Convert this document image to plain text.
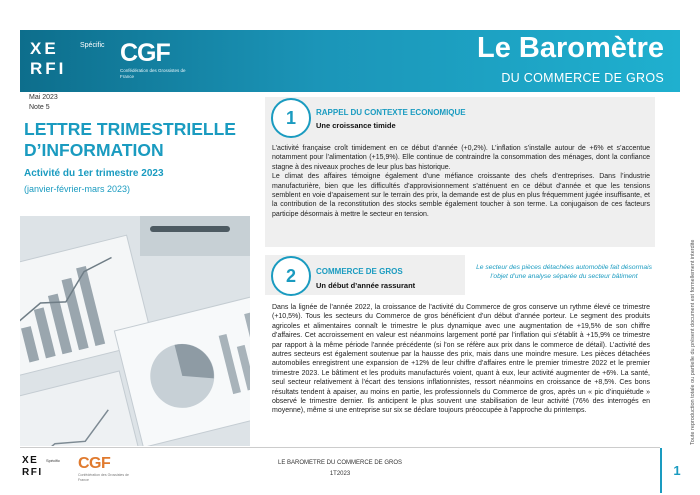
XE
RFI
Spécific CGF
Confédération des Grossistes de France
Le Baromètre
DU COMMERCE DE GROS
Mai 2023
Note 5
LETTRE TRIMESTRIELLE D’INFORMATION
Activité du 1er trimestre 2023
(janvier-février-mars 2023)
1	RAPPEL DU CONTEXTE ECONOMIQUE
Une croissance timide
L’activité française croît timidement en ce début d’année (+0,2%). L’inflation s’installe autour de +6% et s’accentue notamment pour l’alimentation (+15,9%). Elle continue de contraindre la consommation des ménages, dont la confiance stagne à des niveaux proches de leur plus bas historique.
Le climat des affaires témoigne également d’une méfiance croissante des chefs d’entreprises. Dans l’industrie manufacturière, bien que les difficultés d’approvisionnement s’atténuent en ce début d’année et que les tensions semblent en voie d’apaisement sur le terrain des prix, la demande est de plus en plus fréquemment jugée insuffisante, et la contribution de la reconstitution des stocks semble également toucher à son terme. La conjugaison de ces facteurs participe désormais à mettre le secteur en tension.
2	COMMERCE DE GROS
Un début d’année rassurant
Le secteur des pièces détachées automobile fait désormais l’objet d’une analyse séparée du secteur bâtiment
Dans la lignée de l’année 2022, la croissance de l’activité du Commerce de gros conserve un rythme élevé ce trimestre (+10,5%). Tous les secteurs du Commerce de gros bénéficient d’un début d’année porteur. Le segment des produits agricoles et alimentaires connaît le trimestre le plus dynamique avec une augmentation de +19,5% de son chiffre d’affaires. Cet accroissement en valeur est néanmoins largement porté par l’inflation qui s’établit à +15,9% ce trimestre par rapport à la même période l’année précédente (si l’on se réfère aux prix dans le commerce de détail). L’activité des autres secteurs est également soutenue par la hausse des prix, mais dans une moindre mesure. Les pièces détachées automobiles enregistrent une expansion de +12% de leur chiffre d’affaires entre le premier trimestre 2022 et le premier trimestre 2023. Le bâtiment et les produits manufacturés voient, quant à eux, leur activité augmenter de +6%. La santé, seul secteur relativement à l’écart des tensions inflationnistes, ressort néanmoins en croissance de +8,5%. Ces bons résultats tendent à apaiser, au moins en partie, les professionnels du Commerce de gros, après un « pic d’inquiétude » observé le trimestre dernier. Ils anticipent le plus souvent une stabilisation de leur activité (76% des interrogés en moyenne), même si une entreprise sur six se déclare toujours préoccupée à l’approche du printemps.	Toute reproduction totale ou partielle du présent document est formellement interdite
XE
RFI
Spécific CGF
Confédération des Grossistes de France
LE BAROMETRE DU COMMERCE DE GROS
1T2023	1
